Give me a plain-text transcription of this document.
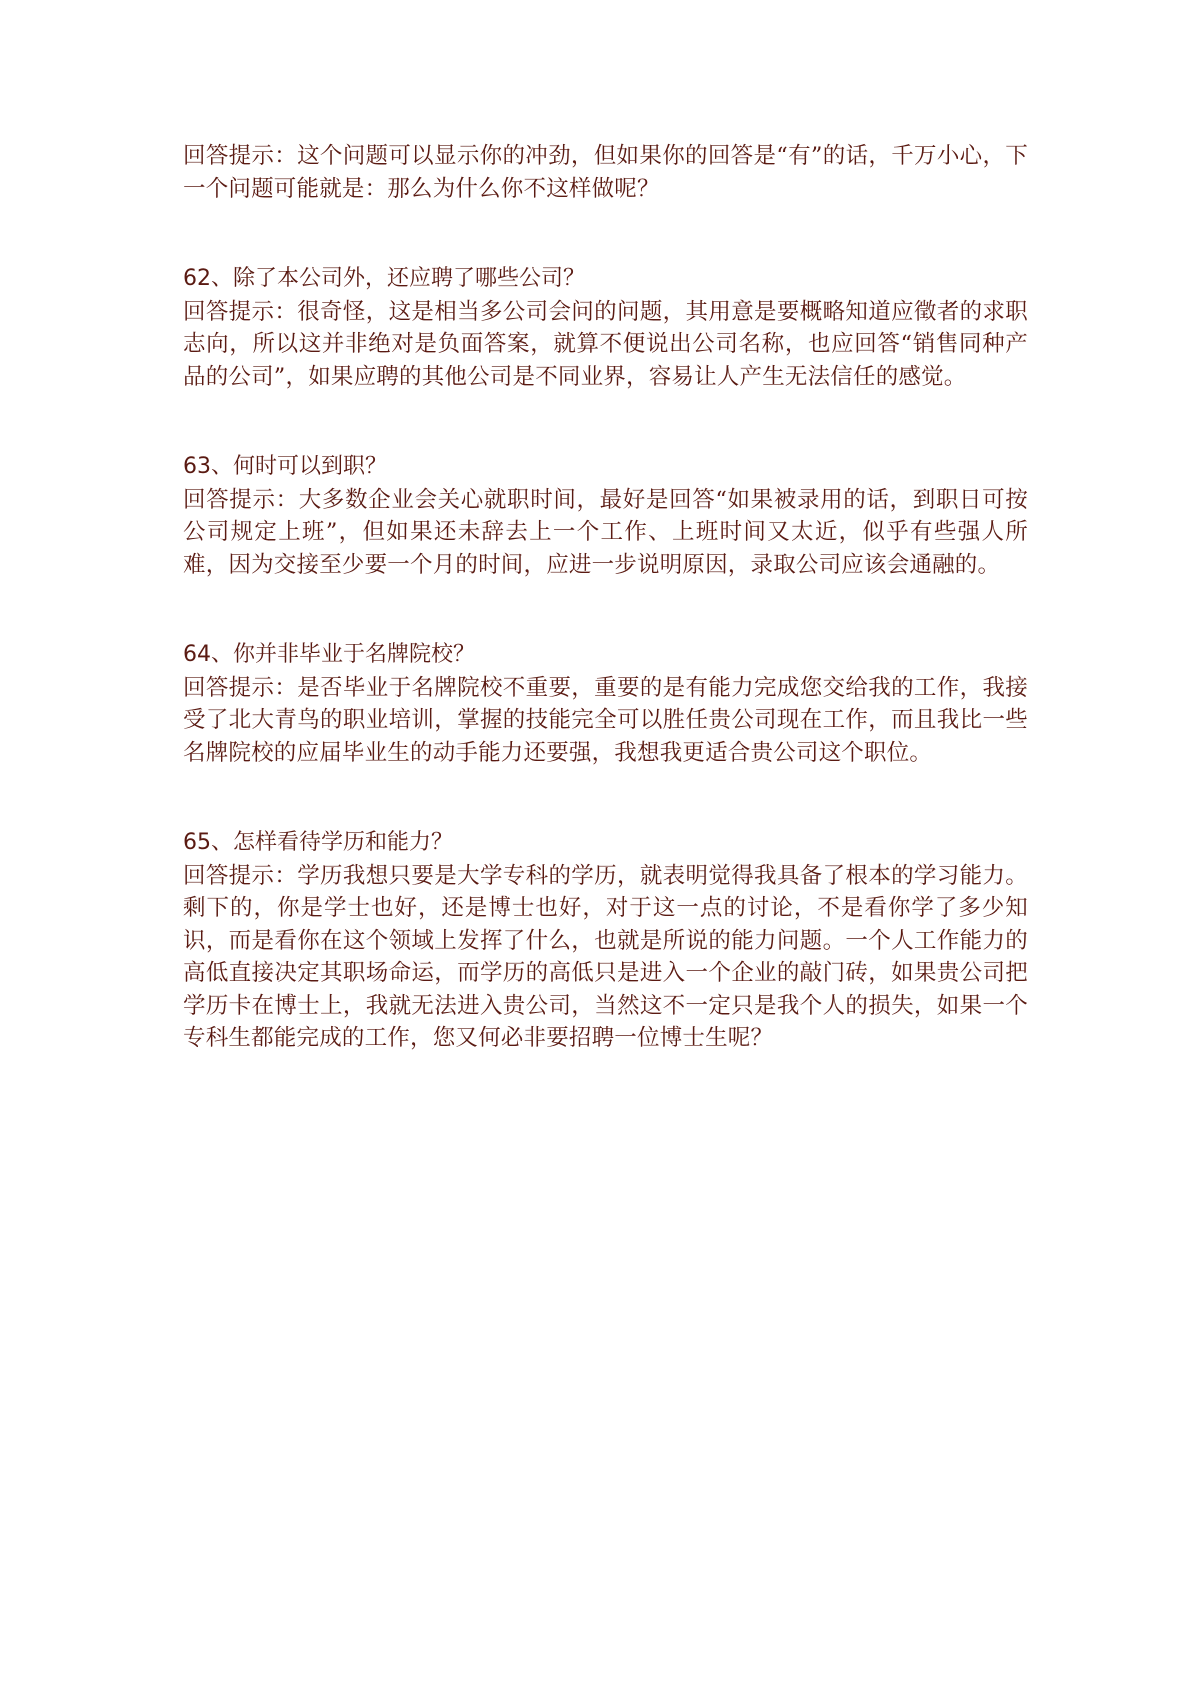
回答提示：这个问题可以显示你的冲劲，但如果你的回答是“有”的话，千万小心，下一个问题可能就是：那么为什么你不这样做呢？

62、除了本公司外，还应聘了哪些公司？

回答提示：很奇怪，这是相当多公司会问的问题，其用意是要概略知道应徵者的求职志向，所以这并非绝对是负面答案，就算不便说出公司名称，也应回答“销售同种产品的公司”，如果应聘的其他公司是不同业界，容易让人产生无法信任的感觉。

63、何时可以到职？

回答提示：大多数企业会关心就职时间，最好是回答“如果被录用的话，到职日可按公司规定上班”，但如果还未辞去上一个工作、上班时间又太近，似乎有些强人所难，因为交接至少要一个月的时间，应进一步说明原因，录取公司应该会通融的。

64、你并非毕业于名牌院校？

回答提示：是否毕业于名牌院校不重要，重要的是有能力完成您交给我的工作，我接受了北大青鸟的职业培训，掌握的技能完全可以胜任贵公司现在工作，而且我比一些名牌院校的应届毕业生的动手能力还要强，我想我更适合贵公司这个职位。

65、怎样看待学历和能力？

回答提示：学历我想只要是大学专科的学历，就表明觉得我具备了根本的学习能力。剩下的，你是学士也好，还是博士也好，对于这一点的讨论，不是看你学了多少知识，而是看你在这个领域上发挥了什么，也就是所说的能力问题。一个人工作能力的高低直接决定其职场命运，而学历的高低只是进入一个企业的敲门砖，如果贵公司把学历卡在博士上，我就无法进入贵公司，当然这不一定只是我个人的损失，如果一个专科生都能完成的工作，您又何必非要招聘一位博士生呢？
